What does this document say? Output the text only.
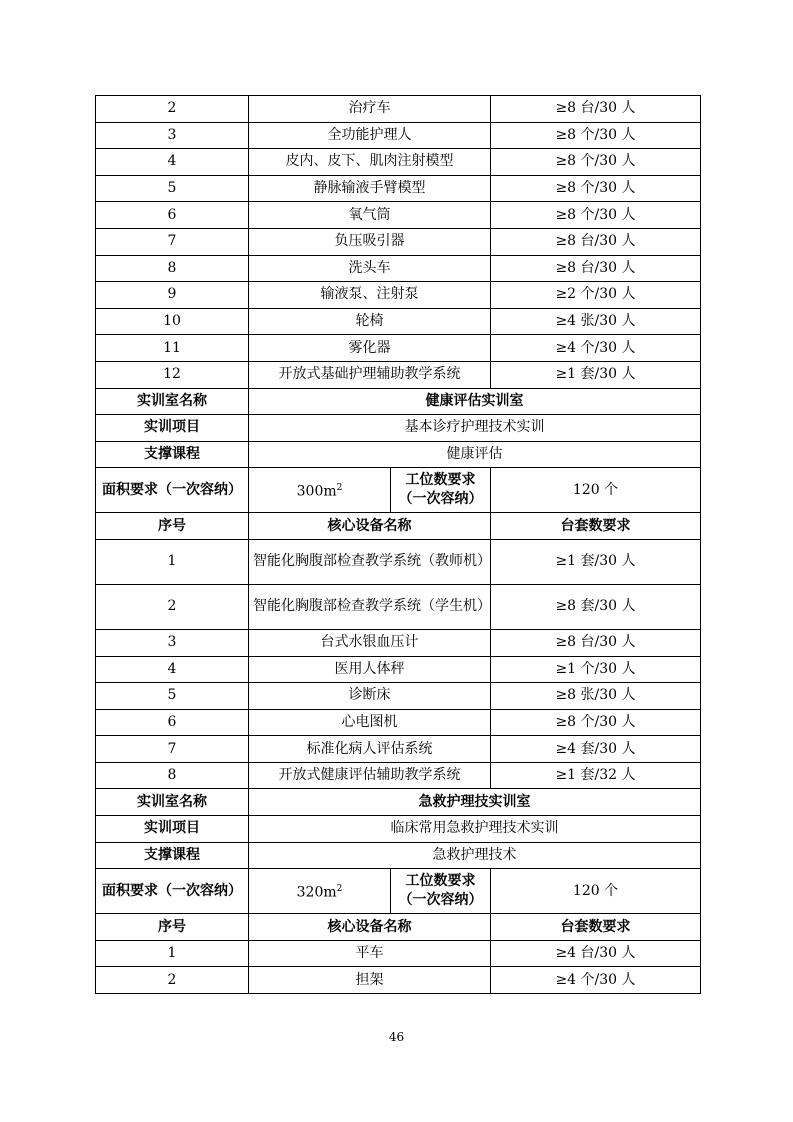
2	治疗车		≥8 台/30 人
3	全功能护理人		≥8 个/30 人
4	皮内、皮下、肌肉注射模型		≥8 个/30 人
5	静脉输液手臂模型		≥8 个/30 人
6	氧气筒		≥8 个/30 人
7	负压吸引器		≥8 台/30 人
8	洗头车		≥8 台/30 人
9	输液泵、注射泵		≥2 个/30 人
10	轮椅		≥4 张/30 人
11	雾化器		≥4 个/30 人
12	开放式基础护理辅助教学系统		≥1 套/30 人
实训室名称	健康评估实训室		
实训项目	基本诊疗护理技术实训		
支撑课程	健康评估		
面积要求（一次容纳）	$300m^2$	工位数要求（一次容纳）	120 个
序号	核心设备名称		台套数要求
1	智能化胸腹部检查教学系统（教师机）		≥1 套/30 人
2	智能化胸腹部检查教学系统（学生机）		≥8 套/30 人
3	台式水银血压计		≥8 台/30 人
4	医用人体秤		≥1 个/30 人
5	诊断床		≥8 张/30 人
6	心电图机		≥8 个/30 人
7	标准化病人评估系统		≥4 套/30 人
8	开放式健康评估辅助教学系统		≥1 套/32 人
实训室名称	急救护理技实训室		
实训项目	临床常用急救护理技术实训		
支撑课程	急救护理技术		
面积要求（一次容纳）	$320m^2$	工位数要求（一次容纳）	120 个
序号	核心设备名称		台套数要求
1	平车		≥4 台/30 人
2	担架		≥4 个/30 人
46
